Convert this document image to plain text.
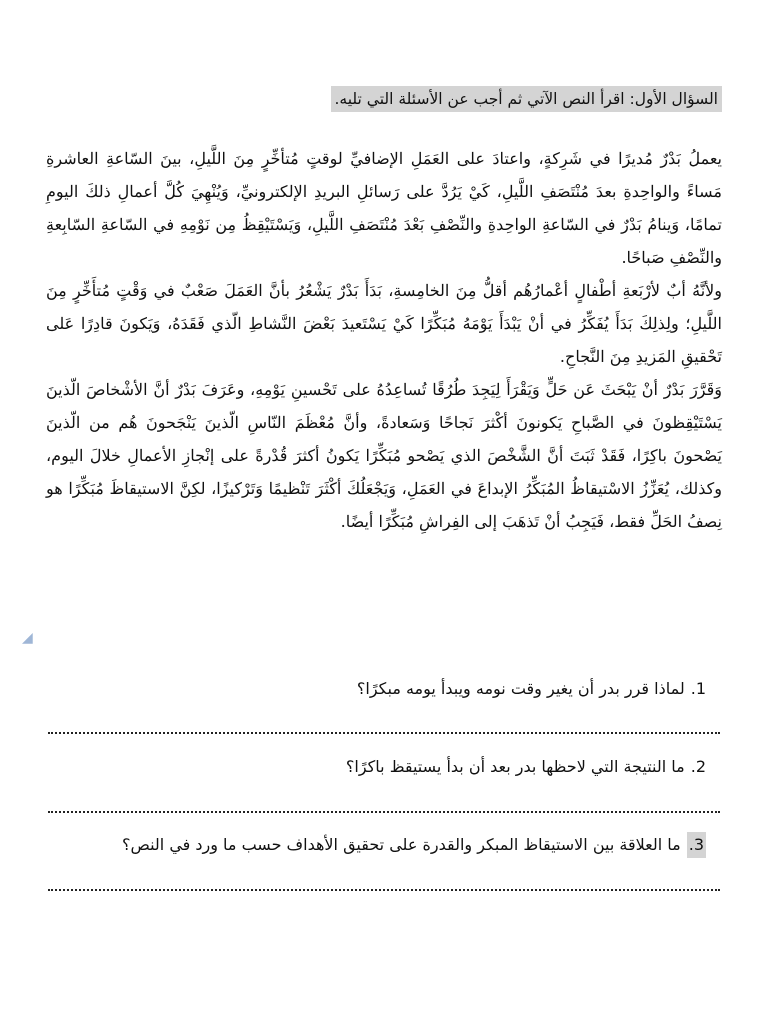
السؤال الأول: اقرأ النص الآتي ثم أجب عن الأسئلة التي تليه.

يعملُ بَدْرٌ مُديرًا في شَرِكةٍ، واعتادَ على العَمَلِ الإضافيِّ لوقتٍ مُتأخِّرٍ مِنَ اللَّيلِ، بينَ السّاعةِ العاشرةِ مَساءً والواحِدةِ بعدَ مُنْتَصَفِ اللَّيلِ، كَيْ يَرُدَّ على رَسائلِ البريدِ الإلكترونيِّ، وَيُنْهِيَ كُلَّ أعمالِ ذلكَ اليومِ تمامًا، وَينامُ بَدْرٌ في السّاعةِ الواحِدةِ والنِّصْفِ بَعْدَ مُنْتَصَفِ اللَّيلِ، وَيَسْتَيْقِظُ مِن نَوْمِهِ في السّاعةِ السّابِعةِ والنِّصْفِ صَباحًا.

ولأنَّهُ أبٌ لأرْبَعةِ أطْفالٍ أعْمارُهُم أقلُّ مِنَ الخامِسةِ، بَدَأَ بَدْرٌ يَشْعُرُ بأنَّ العَمَلَ صَعْبٌ في وَقْتٍ مُتأَخِّرٍ مِنَ اللَّيلِ؛ ولِذلِكَ بَدَأَ يُفَكِّرُ في أنْ يَبْدَأَ يَوْمَهُ مُبَكِّرًا كَيْ يَسْتَعيدَ بَعْضَ النَّشاطِ الّذي فَقَدَهُ، وَيَكونَ قادِرًا عَلى تَحْقيقِ المَزيدِ مِنَ النَّجاحِ.

وَقَرَّرَ بَدْرٌ أنْ يَبْحَثَ عَن حَلٍّ وَيَقْرَأَ لِيَجِدَ طُرُقًا تُساعِدُهُ على تَحْسينِ يَوْمِهِ، وعَرَفَ بَدْرٌ أنَّ الأشْخاصَ الّذينَ يَسْتَيْقِظونَ في الصَّباحِ يَكونونَ أكْثرَ نَجاحًا وَسَعادةً، وأنَّ مُعْظَمَ النّاسِ الّذينَ يَنْجَحونَ هُم من الّذينَ يَصْحونَ باكِرًا، فَقَدْ ثَبَتَ أنَّ الشَّخْصَ الذي يَصْحو مُبَكِّرًا يَكونُ أكثرَ قُدْرةً على إنْجازِ الأعمالِ خلالَ اليوم، وكذلك، يُعَزِّزُ الاسْتيقاظُ المُبَكِّرُ الإبداعَ في العَمَلِ، وَيَجْعَلُكَ أكْثَرَ تَنْظيمًا وَتَرْكيزًا، لكِنَّ الاستيقاظَ مُبَكِّرًا هو نِصفُ الحَلِّ فقط، فَيَجِبُ أنْ تَذهَبَ إلى الفِراشِ مُبَكِّرًا أيضًا.

◢
1.
لماذا قرر بدر أن يغير وقت نومه ويبدأ يومه مبكرًا؟
2.
ما النتيجة التي لاحظها بدر بعد أن بدأ يستيقظ باكرًا؟
3.
ما العلاقة بين الاستيقاظ المبكر والقدرة على تحقيق الأهداف حسب ما ورد في النص؟
